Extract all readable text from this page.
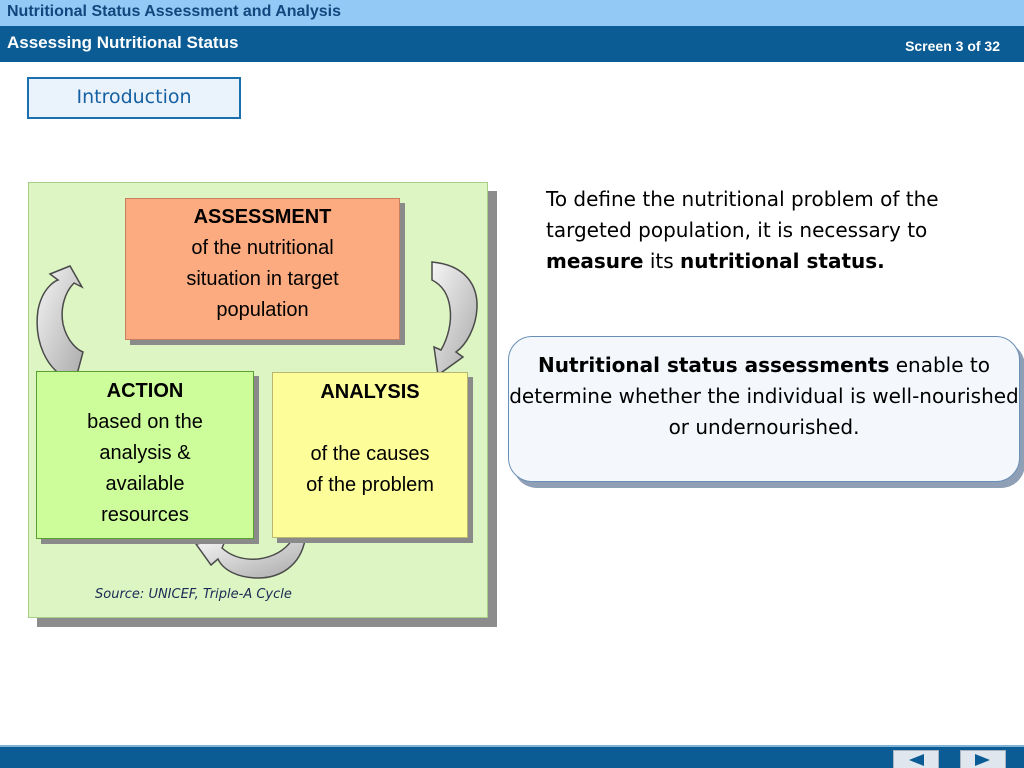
Nutritional Status Assessment and Analysis
Assessing Nutritional Status	Screen 3 of 32
Introduction
ASSESSMENT
of the nutritional
situation in target
population
ACTION
based on the
analysis &
available
resources
ANALYSIS

of the causes
of the problem
Source: UNICEF, Triple-A Cycle
To define the nutritional problem of the targeted population, it is necessary to measure its nutritional status.
Nutritional status assessments enable to determine whether the individual is well-nourished or undernourished.
